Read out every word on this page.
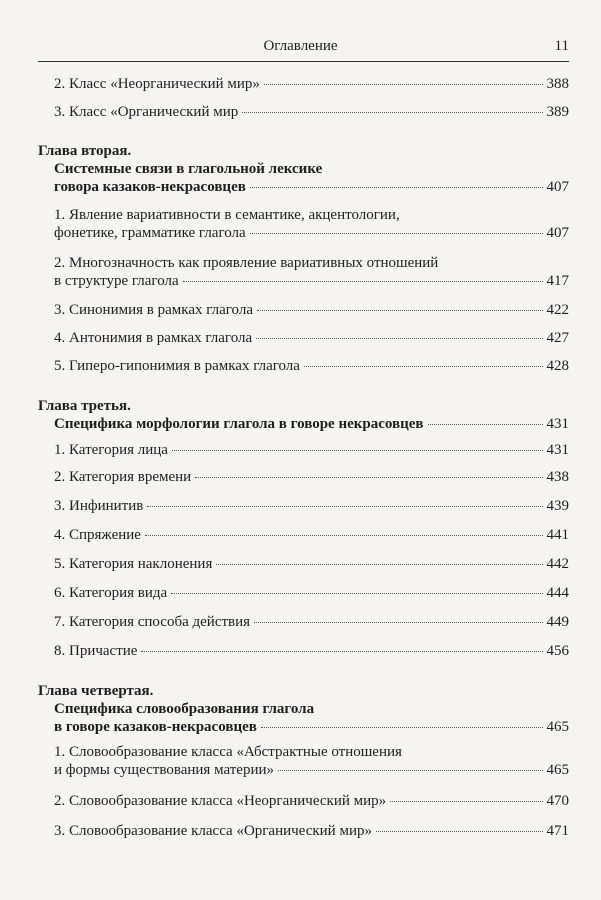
Оглавление	11
2. Класс «Неорганический мир»	388
3. Класс «Органический мир	389
Глава вторая.
Системные связи в глагольной лексике
говора казаков-некрасовцев	407
1. Явление вариативности в семантике, акцентологии,
фонетике, грамматике глагола	407
2. Многозначность как проявление вариативных отношений
в структуре глагола	417
3. Синонимия в рамках глагола	422
4. Антонимия в рамках глагола	427
5. Гиперо-гипонимия в рамках глагола	428
Глава третья.
Специфика морфологии глагола в говоре некрасовцев	431
1. Категория лица	431
2. Категория времени	438
3. Инфинитив	439
4. Спряжение	441
5. Категория наклонения	442
6. Категория вида	444
7. Категория способа действия	449
8. Причастие	456
Глава четвертая.
Специфика словообразования глагола
в говоре казаков-некрасовцев	465
1. Словообразование класса «Абстрактные отношения
и формы существования материи»	465
2. Словообразование класса «Неорганический мир»	470
3. Словообразование класса «Органический мир»	471
